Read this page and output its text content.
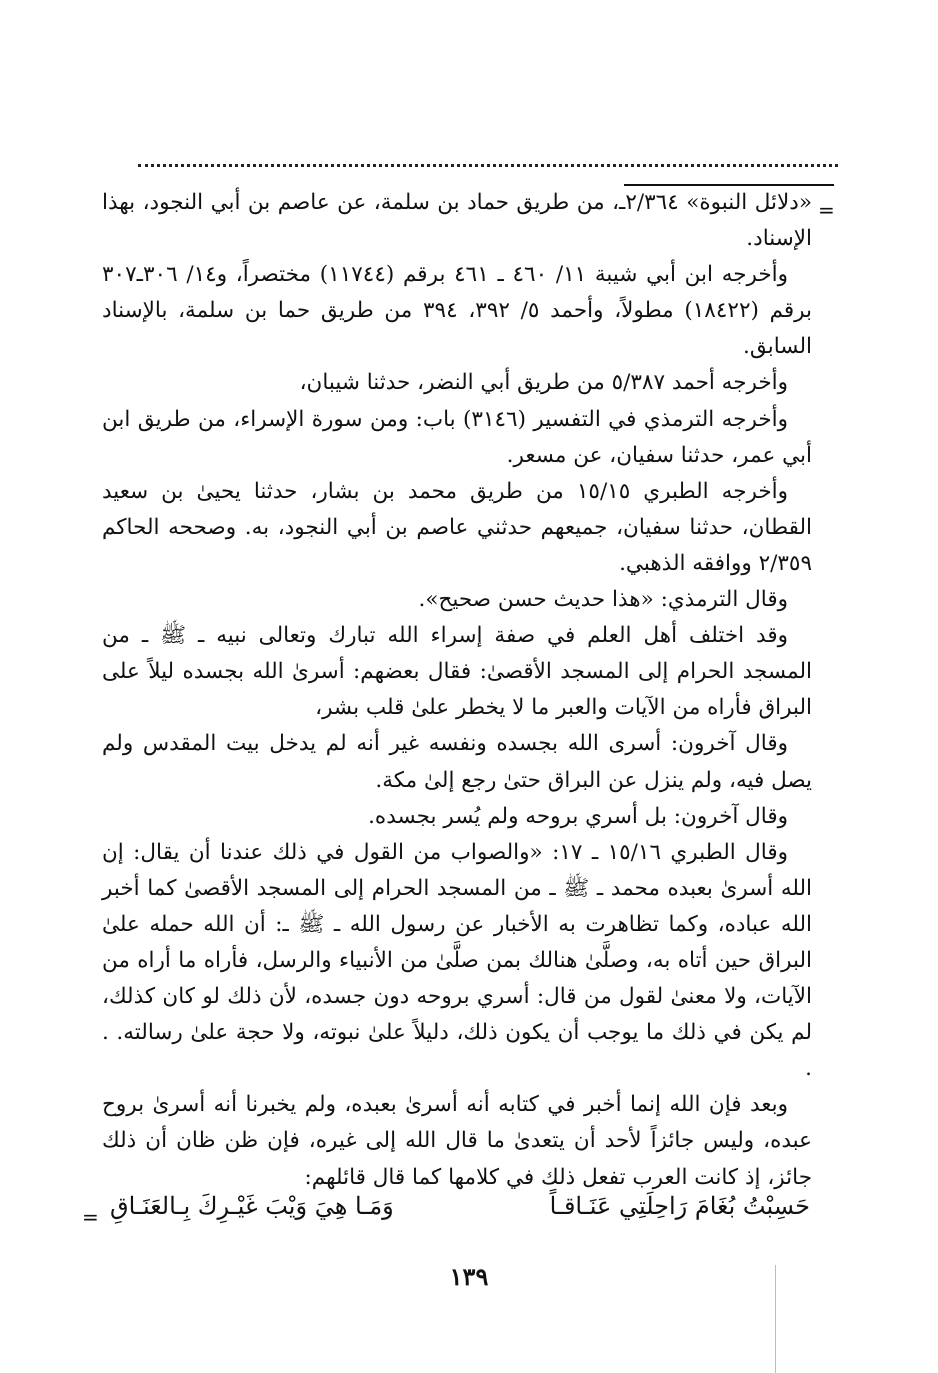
=

«دلائل النبوة» ٢/٣٦٤ـ، من طريق حماد بن سلمة، عن عاصم بن أبي النجود، بهذا الإسناد.

وأخرجه ابن أبي شيبة ١١/ ٤٦٠ ـ ٤٦١ برقم (١١٧٤٤) مختصراً، و١٤/ ٣٠٦ـ٣٠٧ برقم (١٨٤٢٢) مطولاً، وأحمد ٥/ ٣٩٢، ٣٩٤ من طريق حما بن سلمة، بالإسناد السابق.

وأخرجه أحمد ٥/٣٨٧ من طريق أبي النضر، حدثنا شيبان،

وأخرجه الترمذي في التفسير (٣١٤٦) باب: ومن سورة الإسراء، من طريق ابن أبي عمر، حدثنا سفيان، عن مسعر.

وأخرجه الطبري ١٥/١٥ من طريق محمد بن بشار، حدثنا يحيىٰ بن سعيد القطان، حدثنا سفيان، جميعهم حدثني عاصم بن أبي النجود، به. وصححه الحاكم ٢/٣٥٩ ووافقه الذهبي.

وقال الترمذي: «هذا حديث حسن صحيح».

وقد اختلف أهل العلم في صفة إسراء الله تبارك وتعالى نبيه ـ ﷺ ـ من المسجد الحرام إلى المسجد الأقصىٰ: فقال بعضهم: أسرىٰ الله بجسده ليلاً على البراق فأراه من الآيات والعبر ما لا يخطر علىٰ قلب بشر،

وقال آخرون: أسرى الله بجسده ونفسه غير أنه لم يدخل بيت المقدس ولم يصل فيه، ولم ينزل عن البراق حتىٰ رجع إلىٰ مكة.

وقال آخرون: بل أسري بروحه ولم يُسر بجسده.

وقال الطبري ١٥/١٦ ـ ١٧: «والصواب من القول في ذلك عندنا أن يقال: إن الله أسرىٰ بعبده محمد ـ ﷺ ـ من المسجد الحرام إلى المسجد الأقصىٰ كما أخبر الله عباده، وكما تظاهرت به الأخبار عن رسول الله ـ ﷺ ـ: أن الله حمله علىٰ البراق حين أتاه به، وصلَّىٰ هنالك بمن صلَّىٰ من الأنبياء والرسل، فأراه ما أراه من الآيات، ولا معنىٰ لقول من قال: أسري بروحه دون جسده، لأن ذلك لو كان كذلك، لم يكن في ذلك ما يوجب أن يكون ذلك، دليلاً علىٰ نبوته، ولا حجة علىٰ رسالته. . .

وبعد فإن الله إنما أخبر في كتابه أنه أسرىٰ بعبده، ولم يخبرنا أنه أسرىٰ بروح عبده، وليس جائزاً لأحد أن يتعدىٰ ما قال الله إلى غيره، فإن ظن ظان أن ذلك جائز، إذ كانت العرب تفعل ذلك في كلامها كما قال قائلهم:

حَسِبْتُ بُغَامَ رَاحِلَتِي عَنَـاقـاً
وَمَـا هِيَ وَيْبَ غَيْـرِكَ بِـالعَنَـاقِ
=
١٣٩
